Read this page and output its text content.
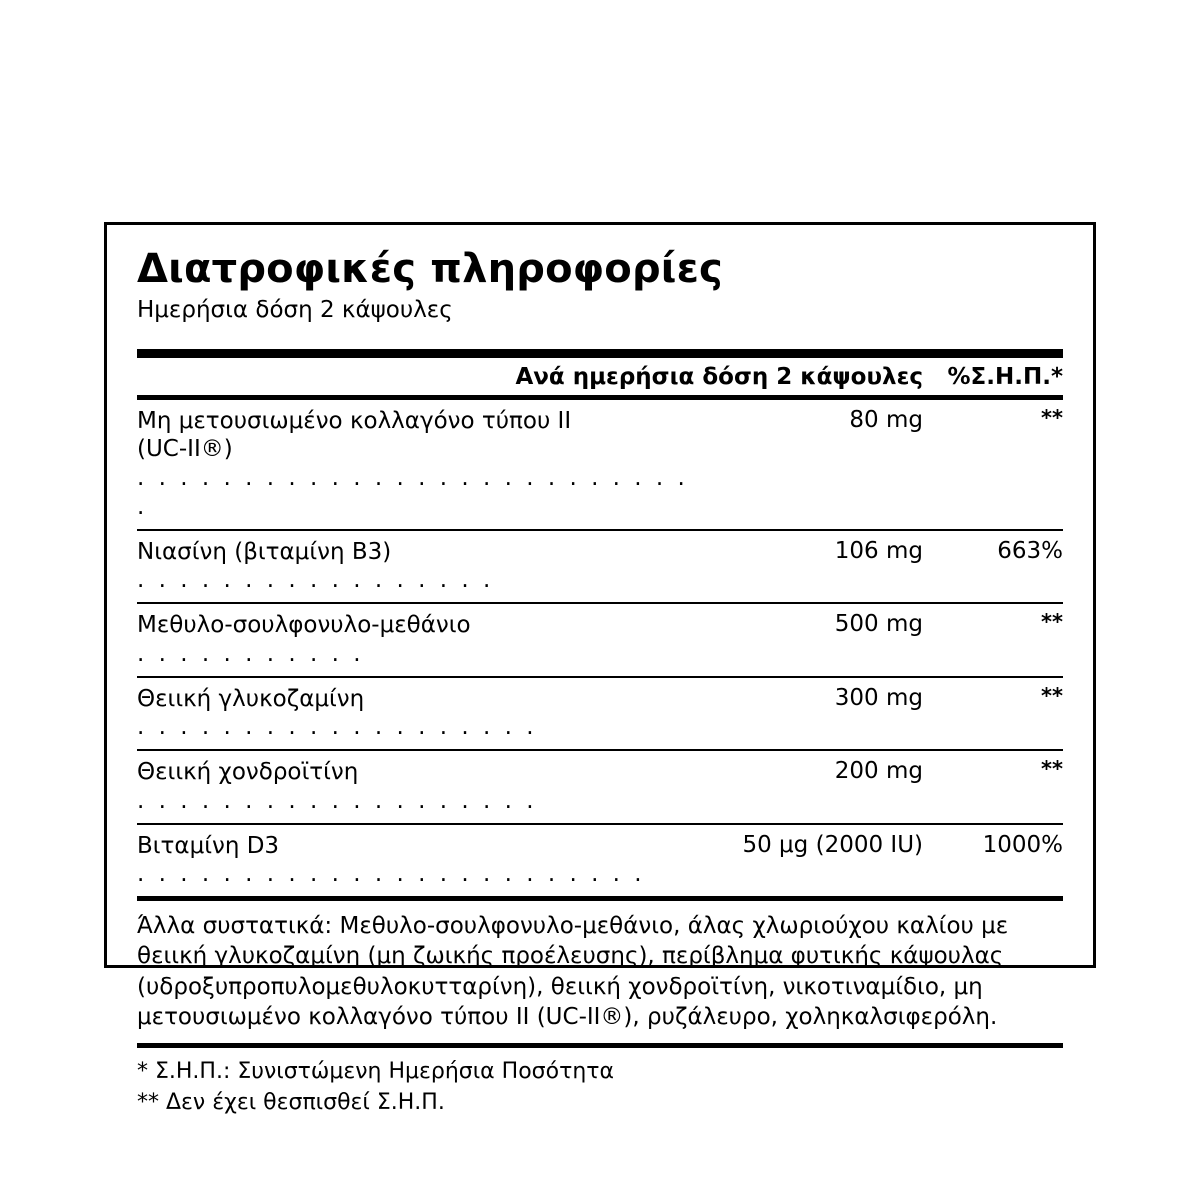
Διατροφικές πληροφορίες
Ημερήσια δόση 2 κάψουλες
Ανά ημερήσια δόση 2 κάψουλες	%Σ.Η.Π.*
Μη μετουσιωμένο κολλαγόνο τύπου II
(UC-II®). . . . . . . . . . . . . . . . . . . . . . . . . . .	80 mg	**
Νιασίνη (βιταμίνη Β3) . . . . . . . . . . . . . . . . .	106 mg	663%
Μεθυλο-σουλφονυλο-μεθάνιο . . . . . . . . . . .	500 mg	**
Θειική γλυκοζαμίνη . . . . . . . . . . . . . . . . . . .	300 mg	**
Θειική χονδροϊτίνη  . . . . . . . . . . . . . . . . . . .	200 mg	**
Βιταμίνη D3 . . . . . . . . . . . . . . . . . . . . . . . .	50 μg (2000 IU)	1000%
Άλλα συστατικά: Μεθυλο-σουλφονυλο-μεθάνιο, άλας χλωριούχου καλίου με θειική γλυκοζαμίνη (μη ζωικής προέλευσης), περίβλημα φυτικής κάψουλας (υδροξυπροπυλομεθυλοκυτταρίνη), θειική χονδροϊτίνη, νικοτιναμίδιο, μη μετουσιωμένο κολλαγόνο τύπου II (UC-II®), ρυζάλευρο, χοληκαλσιφερόλη.
* Σ.Η.Π.: Συνιστώμενη Ημερήσια Ποσότητα
** Δεν έχει θεσπισθεί Σ.Η.Π.
